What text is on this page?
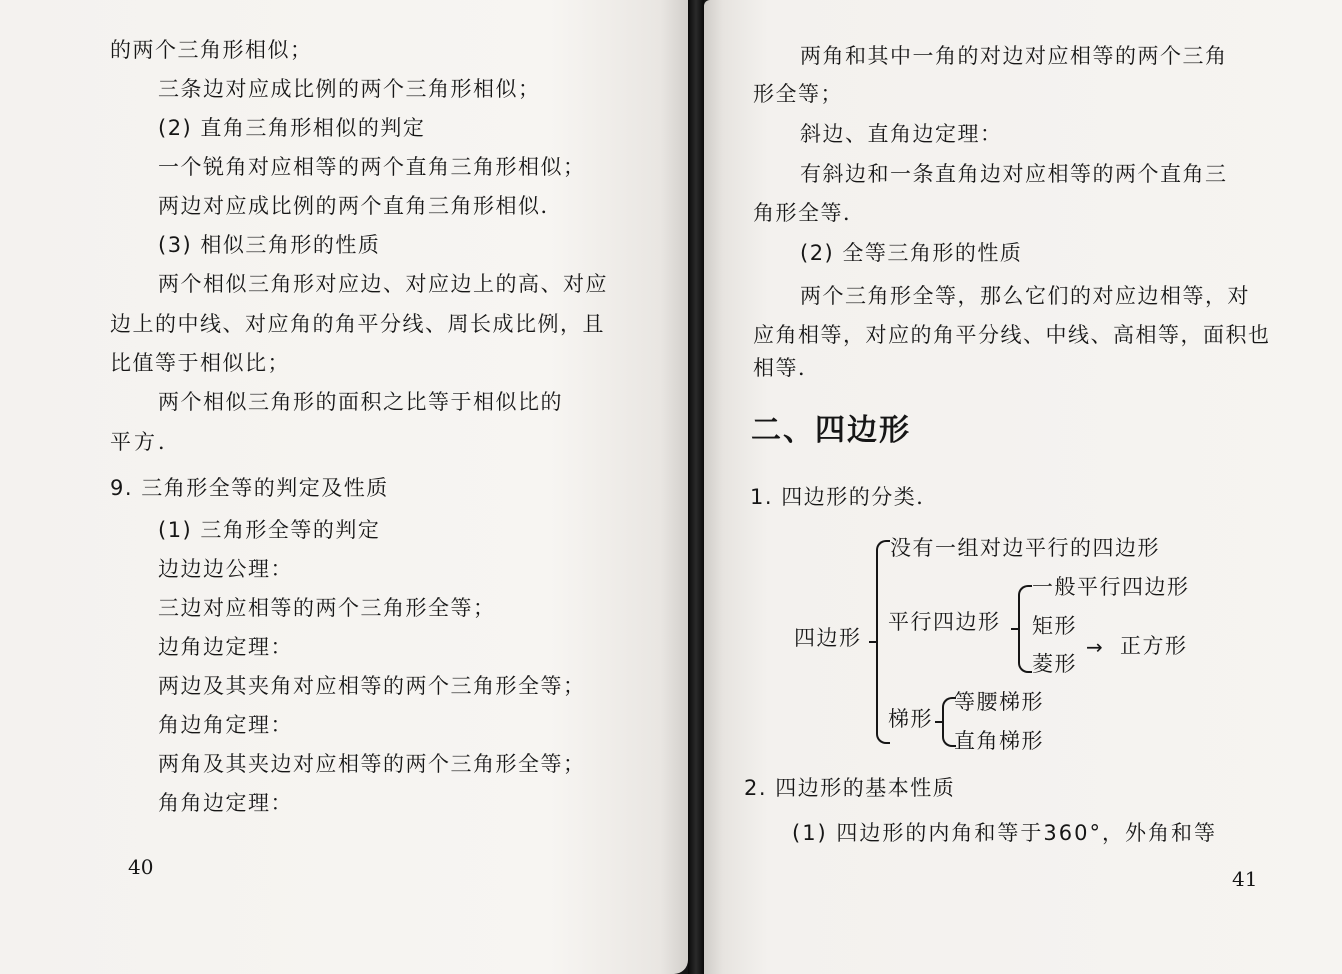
的两个三角形相似；
三条边对应成比例的两个三角形相似；
(2) 直角三角形相似的判定
一个锐角对应相等的两个直角三角形相似；
两边对应成比例的两个直角三角形相似．
(3) 相似三角形的性质
两个相似三角形对应边、对应边上的高、对应
边上的中线、对应角的角平分线、周长成比例，且
比值等于相似比；
两个相似三角形的面积之比等于相似比的
平方．
9. 三角形全等的判定及性质
(1) 三角形全等的判定
边边边公理：
三边对应相等的两个三角形全等；
边角边定理：
两边及其夹角对应相等的两个三角形全等；
角边角定理：
两角及其夹边对应相等的两个三角形全等；
角角边定理：
40
两角和其中一角的对边对应相等的两个三角
形全等；
斜边、直角边定理：
有斜边和一条直角边对应相等的两个直角三
角形全等．
(2) 全等三角形的性质
两个三角形全等，那么它们的对应边相等，对
应角相等，对应的角平分线、中线、高相等，面积也
相等．
二、四边形
1. 四边形的分类．
四边形
没有一组对边平行的四边形
平行四边形
一般平行四边形
矩形
菱形
→ 正方形
梯形
等腰梯形
直角梯形
2. 四边形的基本性质
(1) 四边形的内角和等于360°，外角和等
41
